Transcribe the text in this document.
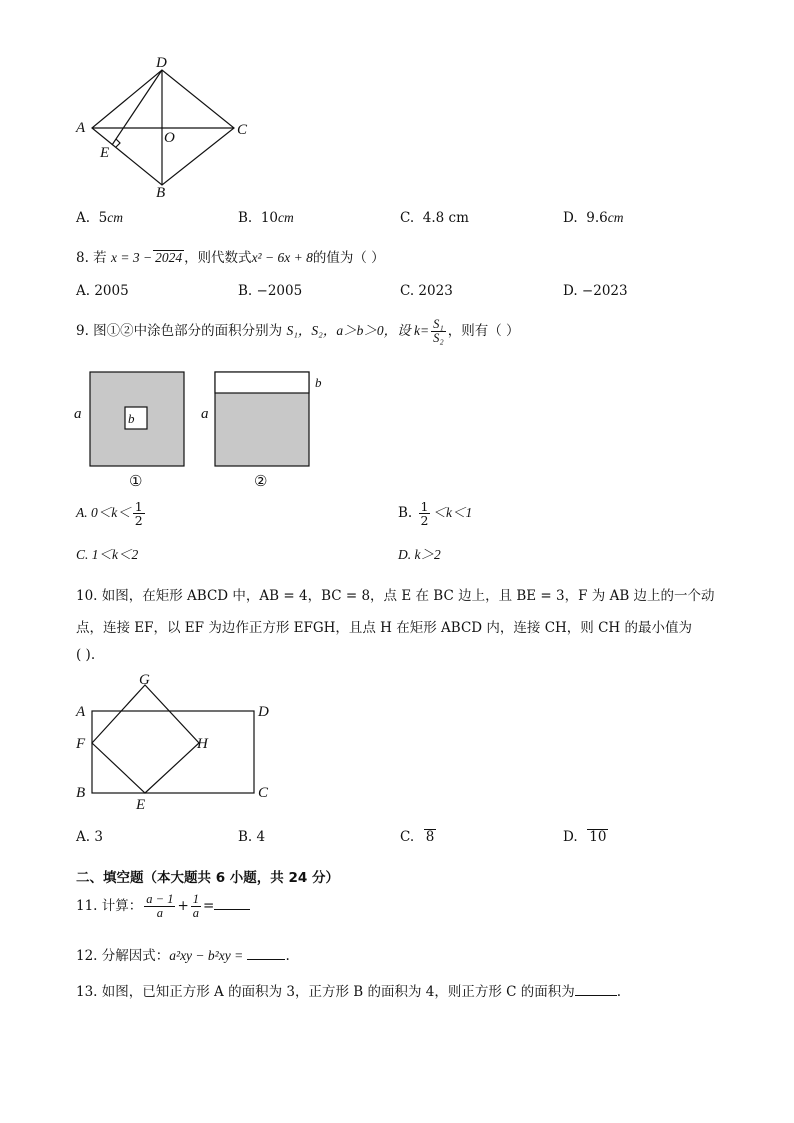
D
A
O	C
E
B
A. 5cm	B. 10cm	C. 4.8 cm	D. 9.6cm
8. 若 x = 3 − 2024 ，则代数式x² − 6x + 8的值为（ ）
A. 2005	B. −2005	C. 2023	D. −2023
9. 图①②中涂色部分的面积分别为 S₁，S₂，a＞b＞0，设 $k= \frac{\text{S₁}}{\text{S₂}}$ ，则有（ ）
a	b
①
a
b
②
A. $0<k< \frac{1}{2}$	B. $\frac{1}{2} <k<1$
C. 1＜k＜2	D. k＞2
10. 如图，在矩形 ABCD 中，AB = 4，BC = 8，点 E 在 BC 边上，且 BE = 3，F 为 AB 边上的一个动
点，连接 EF，以 EF 为边作正方形 EFGH，且点 H 在矩形 ABCD 内，连接 CH，则 CH 的最小值为
( ).
G
A	D
F	H
B	C
E
A. 3	B. 4	C. 8	D. 10
二、填空题（本大题共 6 小题，共 24 分）
11. 计算： $\frac{a - 1}{a} + \frac{1}{a}$ =
12. 分解因式：a²xy − b²xy =	.
13. 如图，已知正方形 A 的面积为 3，正方形 B 的面积为 4，则正方形 C 的面积为	.
